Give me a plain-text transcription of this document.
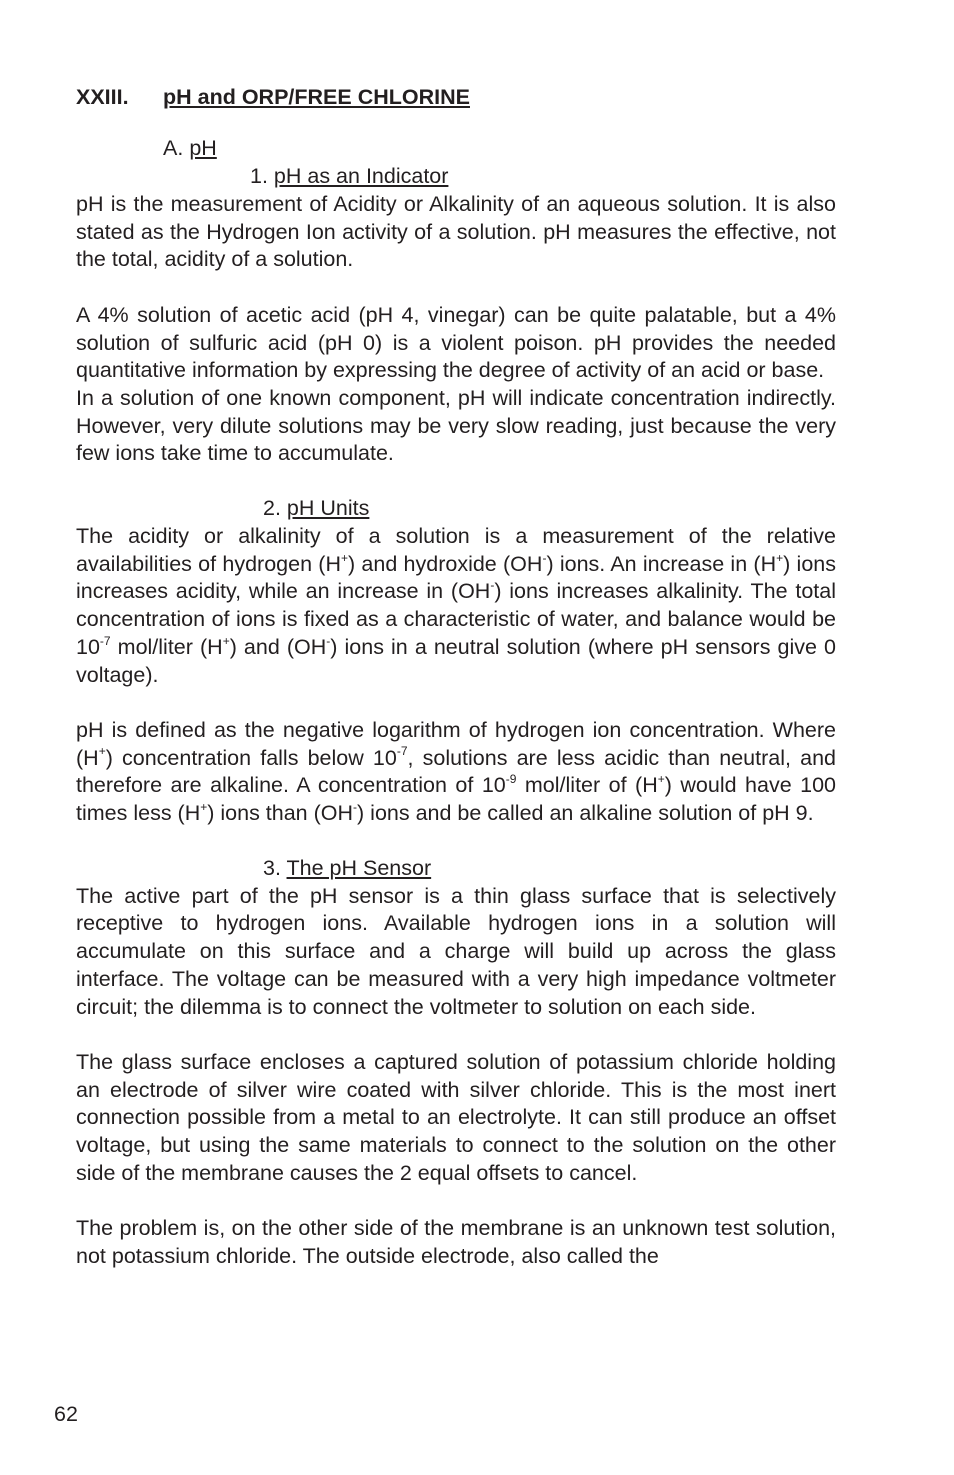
XXIII. pH and ORP/FREE CHLORINE
A. pH
1. pH as an Indicator

pH is the measurement of Acidity or Alkalinity of an aqueous solution. It is also stated as the Hydrogen Ion activity of a solution. pH measures the effective, not the total, acidity of a solution.

A 4% solution of acetic acid (pH 4, vinegar) can be quite palatable, but a 4% solution of sulfuric acid (pH 0) is a violent poison. pH provides the needed quantitative information by expressing the degree of activity of an acid or base.

In a solution of one known component, pH will indicate concentration indirectly. However, very dilute solutions may be very slow reading, just because the very few ions take time to accumulate.

2. pH Units

The acidity or alkalinity of a solution is a measurement of the relative availabilities of hydrogen (H+) and hydroxide (OH-) ions. An increase in (H+) ions increases acidity, while an increase in (OH-) ions increases alkalinity. The total concentration of ions is fixed as a characteristic of water, and balance would be $10^{-7}$ mol/liter (H+) and (OH-) ions in a neutral solution (where pH sensors give 0 voltage).

pH is defined as the negative logarithm of hydrogen ion concentration. Where (H+) concentration falls below $10^{-7}$, solutions are less acidic than neutral, and therefore are alkaline. A concentration of $10^{-9}$ mol/liter of (H+) would have 100 times less (H+) ions than (OH-) ions and be called an alkaline solution of pH 9.

3. The pH Sensor

The active part of the pH sensor is a thin glass surface that is selectively receptive to hydrogen ions. Available hydrogen ions in a solution will accumulate on this surface and a charge will build up across the glass interface. The voltage can be measured with a very high impedance voltmeter circuit; the dilemma is to connect the voltmeter to solution on each side.

The glass surface encloses a captured solution of potassium chloride holding an electrode of silver wire coated with silver chloride. This is the most inert connection possible from a metal to an electrolyte. It can still produce an offset voltage, but using the same materials to connect to the solution on the other side of the membrane causes the 2 equal offsets to cancel.

The problem is, on the other side of the membrane is an unknown test solution, not potassium chloride. The outside electrode, also called the

62
